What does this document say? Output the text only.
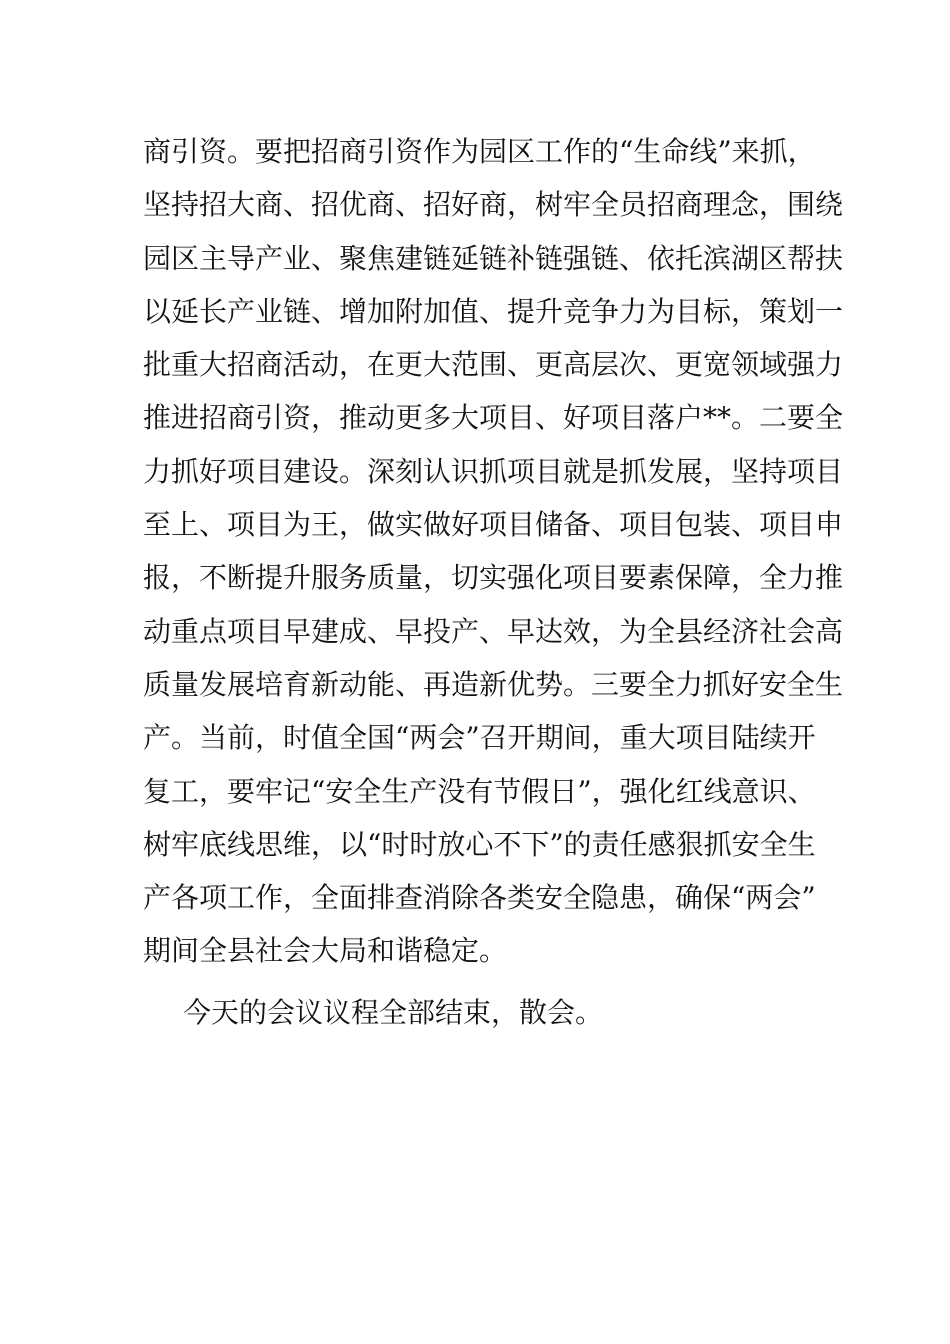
商引资。要把招商引资作为园区工作的“生命线”来抓，
坚持招大商、招优商、招好商，树牢全员招商理念，围绕
园区主导产业、聚焦建链延链补链强链、依托滨湖区帮扶
以延长产业链、增加附加值、提升竞争力为目标，策划一
批重大招商活动，在更大范围、更高层次、更宽领域强力
推进招商引资，推动更多大项目、好项目落户**。二要全
力抓好项目建设。深刻认识抓项目就是抓发展，坚持项目
至上、项目为王，做实做好项目储备、项目包装、项目申
报，不断提升服务质量，切实强化项目要素保障，全力推
动重点项目早建成、早投产、早达效，为全县经济社会高
质量发展培育新动能、再造新优势。三要全力抓好安全生
产。当前，时值全国“两会”召开期间，重大项目陆续开
复工，要牢记“安全生产没有节假日”，强化红线意识、
树牢底线思维，以“时时放心不下”的责任感狠抓安全生
产各项工作，全面排查消除各类安全隐患，确保“两会”
期间全县社会大局和谐稳定。
今天的会议议程全部结束，散会。
